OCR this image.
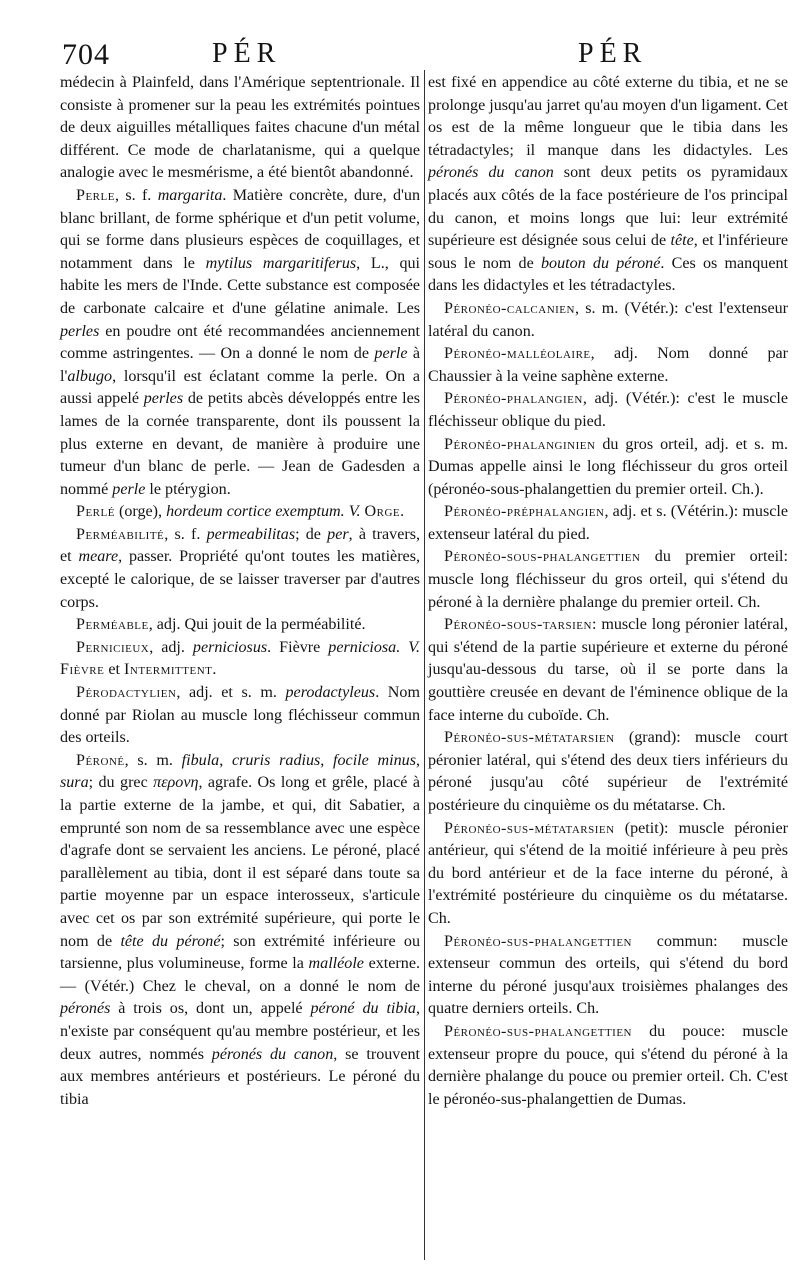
704	PÉR	PÉR

médecin à Plainfeld, dans l'Amérique septentrionale. Il consiste à promener sur la peau les extrémités pointues de deux aiguilles métalliques faites chacune d'un métal différent. Ce mode de charlatanisme, qui a quelque analogie avec le mesmérisme, a été bientôt abandonné.

Perle, s. f. margarita. Matière concrète, dure, d'un blanc brillant, de forme sphérique et d'un petit volume, qui se forme dans plusieurs espèces de coquillages, et notamment dans le mytilus margaritiferus, L., qui habite les mers de l'Inde. Cette substance est composée de carbonate calcaire et d'une gélatine animale. Les perles en poudre ont été recommandées anciennement comme astringentes. — On a donné le nom de perle à l'albugo, lorsqu'il est éclatant comme la perle. On a aussi appelé perles de petits abcès développés entre les lames de la cornée transparente, dont ils poussent la plus externe en devant, de manière à produire une tumeur d'un blanc de perle. — Jean de Gadesden a nommé perle le ptérygion.

Perlé (orge), hordeum cortice exemptum. V. Orge.

Perméabilité, s. f. permeabilitas; de per, à travers, et meare, passer. Propriété qu'ont toutes les matières, excepté le calorique, de se laisser traverser par d'autres corps.

Perméable, adj. Qui jouit de la perméabilité.

Pernicieux, adj. perniciosus. Fièvre perniciosa. V. Fièvre et Intermittent.

Pérodactylien, adj. et s. m. perodactyleus. Nom donné par Riolan au muscle long fléchisseur commun des orteils.

Péroné, s. m. fibula, cruris radius, focile minus, sura; du grec περονη, agrafe. Os long et grêle, placé à la partie externe de la jambe, et qui, dit Sabatier, a emprunté son nom de sa ressemblance avec une espèce d'agrafe dont se servaient les anciens. Le péroné, placé parallèlement au tibia, dont il est séparé dans toute sa partie moyenne par un espace interosseux, s'articule avec cet os par son extrémité supérieure, qui porte le nom de tête du péroné; son extrémité inférieure ou tarsienne, plus volumineuse, forme la malléole externe. — (Vétér.) Chez le cheval, on a donné le nom de péronés à trois os, dont un, appelé péroné du tibia, n'existe par conséquent qu'au membre postérieur, et les deux autres, nommés péronés du canon, se trouvent aux membres antérieurs et postérieurs. Le péroné du tibia

est fixé en appendice au côté externe du tibia, et ne se prolonge jusqu'au jarret qu'au moyen d'un ligament. Cet os est de la même longueur que le tibia dans les tétradactyles; il manque dans les didactyles. Les péronés du canon sont deux petits os pyramidaux placés aux côtés de la face postérieure de l'os principal du canon, et moins longs que lui: leur extrémité supérieure est désignée sous celui de tête, et l'inférieure sous le nom de bouton du péroné. Ces os manquent dans les didactyles et les tétradactyles.

Péronéo-calcanien, s. m. (Vétér.): c'est l'extenseur latéral du canon.

Péronéo-malléolaire, adj. Nom donné par Chaussier à la veine saphène externe.

Péronéo-phalangien, adj. (Vétér.): c'est le muscle fléchisseur oblique du pied.

Péronéo-phalanginien du gros orteil, adj. et s. m. Dumas appelle ainsi le long fléchisseur du gros orteil (péronéo-sous-phalangettien du premier orteil. Ch.).

Péronéo-préphalangien, adj. et s. (Vétérin.): muscle extenseur latéral du pied.

Péronéo-sous-phalangettien du premier orteil: muscle long fléchisseur du gros orteil, qui s'étend du péroné à la dernière phalange du premier orteil. Ch.

Péronéo-sous-tarsien: muscle long péronier latéral, qui s'étend de la partie supérieure et externe du péroné jusqu'au-dessous du tarse, où il se porte dans la gouttière creusée en devant de l'éminence oblique de la face interne du cuboïde. Ch.

Péronéo-sus-métatarsien (grand): muscle court péronier latéral, qui s'étend des deux tiers inférieurs du péroné jusqu'au côté supérieur de l'extrémité postérieure du cinquième os du métatarse. Ch.

Péronéo-sus-métatarsien (petit): muscle péronier antérieur, qui s'étend de la moitié inférieure à peu près du bord antérieur et de la face interne du péroné, à l'extrémité postérieure du cinquième os du métatarse. Ch.

Péronéo-sus-phalangettien commun: muscle extenseur commun des orteils, qui s'étend du bord interne du péroné jusqu'aux troisièmes phalanges des quatre derniers orteils. Ch.

Péronéo-sus-phalangettien du pouce: muscle extenseur propre du pouce, qui s'étend du péroné à la dernière phalange du pouce ou premier orteil. Ch. C'est le péronéo-sus-phalangettien de Dumas.
